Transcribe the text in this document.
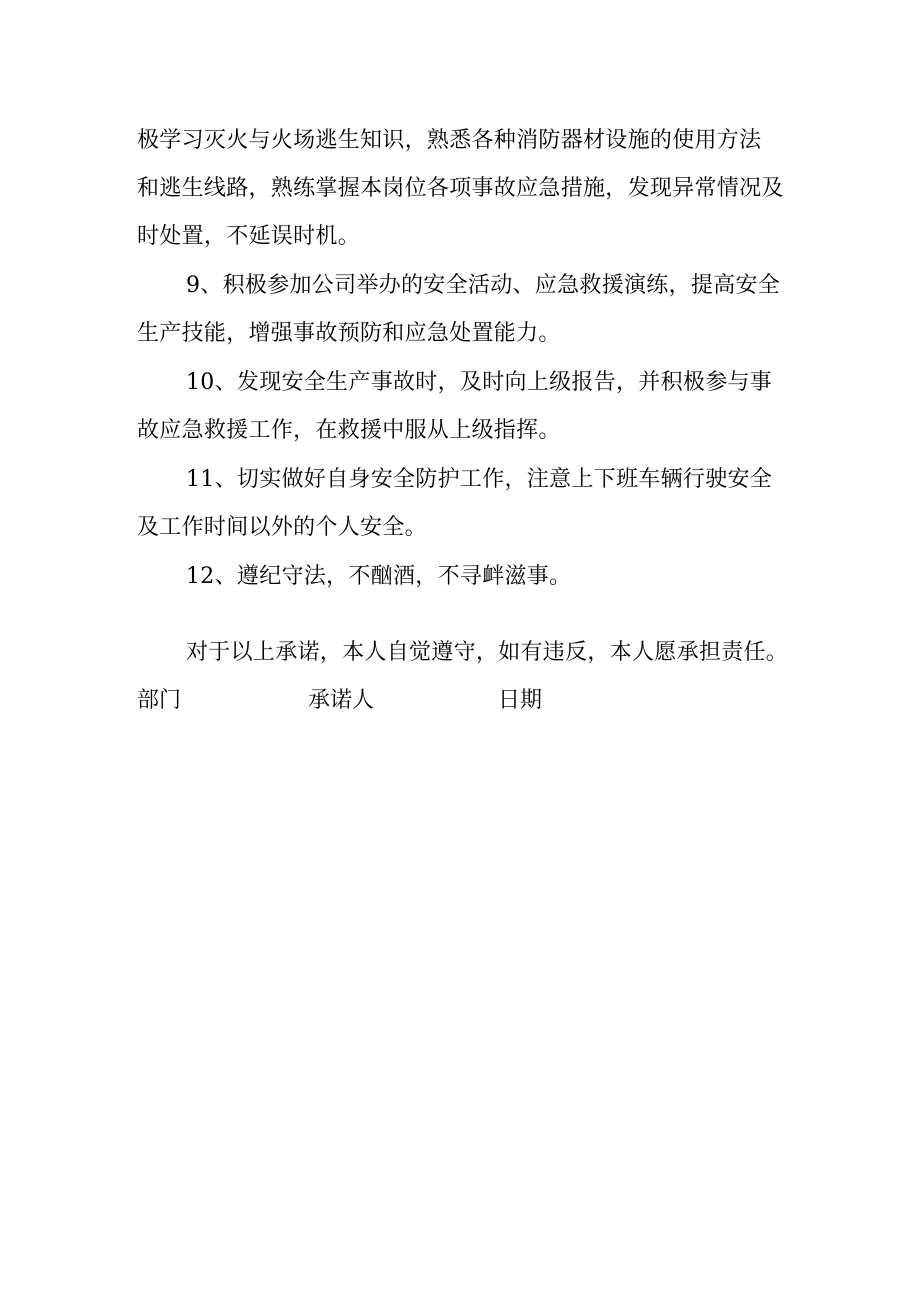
极学习灭火与火场逃生知识，熟悉各种消防器材设施的使用方法
和逃生线路，熟练掌握本岗位各项事故应急措施，发现异常情况及
时处置，不延误时机。
9、积极参加公司举办的安全活动、应急救援演练，提高安全
生产技能，增强事故预防和应急处置能力。
10、发现安全生产事故时，及时向上级报告，并积极参与事
故应急救援工作，在救援中服从上级指挥。
11、切实做好自身安全防护工作，注意上下班车辆行驶安全
及工作时间以外的个人安全。
12、遵纪守法，不酗酒，不寻衅滋事。
对于以上承诺，本人自觉遵守，如有违反，本人愿承担责任。
部门	承诺人	日期
